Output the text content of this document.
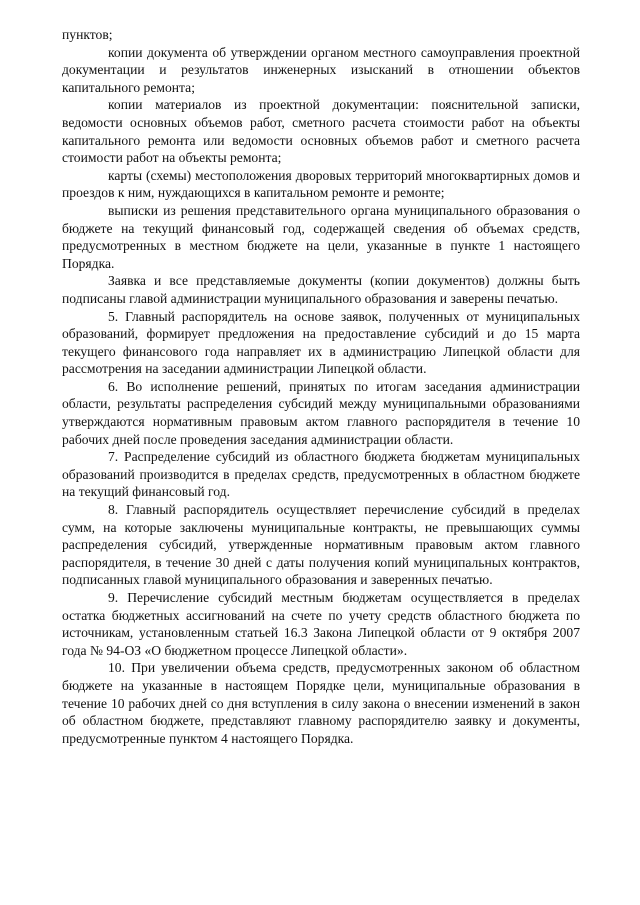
пунктов;

копии документа об утверждении органом местного самоуправления проектной документации и результатов инженерных изысканий в отношении объектов капитального ремонта;

копии материалов из проектной документации: пояснительной записки, ведомости основных объемов работ, сметного расчета стоимости работ на объекты капитального ремонта или ведомости основных объемов работ и сметного расчета стоимости работ на объекты ремонта;

карты (схемы) местоположения дворовых территорий многоквартирных домов и проездов к ним, нуждающихся в капитальном ремонте и ремонте;

выписки из решения представительного органа муниципального образования о бюджете на текущий финансовый год, содержащей сведения об объемах средств, предусмотренных в местном бюджете на цели, указанные в пункте 1 настоящего Порядка.

Заявка и все представляемые документы (копии документов) должны быть подписаны главой администрации муниципального образования и заверены печатью.

5. Главный распорядитель на основе заявок, полученных от муниципальных образований, формирует предложения на предоставление субсидий и до 15 марта текущего финансового года направляет их в администрацию Липецкой области для рассмотрения на заседании администрации Липецкой области.

6. Во исполнение решений, принятых по итогам заседания администрации области, результаты распределения субсидий между муниципальными образованиями утверждаются нормативным правовым актом главного распорядителя в течение 10 рабочих дней после проведения заседания администрации области.

7. Распределение субсидий из областного бюджета бюджетам муниципальных образований производится в пределах средств, предусмотренных в областном бюджете на текущий финансовый год.

8. Главный распорядитель осуществляет перечисление субсидий в пределах сумм, на которые заключены муниципальные контракты, не превышающих суммы распределения субсидий, утвержденные нормативным правовым актом главного распорядителя, в течение 30 дней с даты получения копий муниципальных контрактов, подписанных главой муниципального образования и заверенных печатью.

9. Перечисление субсидий местным бюджетам осуществляется в пределах остатка бюджетных ассигнований на счете по учету средств областного бюджета по источникам, установленным статьей 16.3 Закона Липецкой области от 9 октября 2007 года № 94-ОЗ «О бюджетном процессе Липецкой области».

10. При увеличении объема средств, предусмотренных законом об областном бюджете на указанные в настоящем Порядке цели, муниципальные образования в течение 10 рабочих дней со дня вступления в силу закона о внесении изменений в закон об областном бюджете, представляют главному распорядителю заявку и документы, предусмотренные пунктом 4 настоящего Порядка.
